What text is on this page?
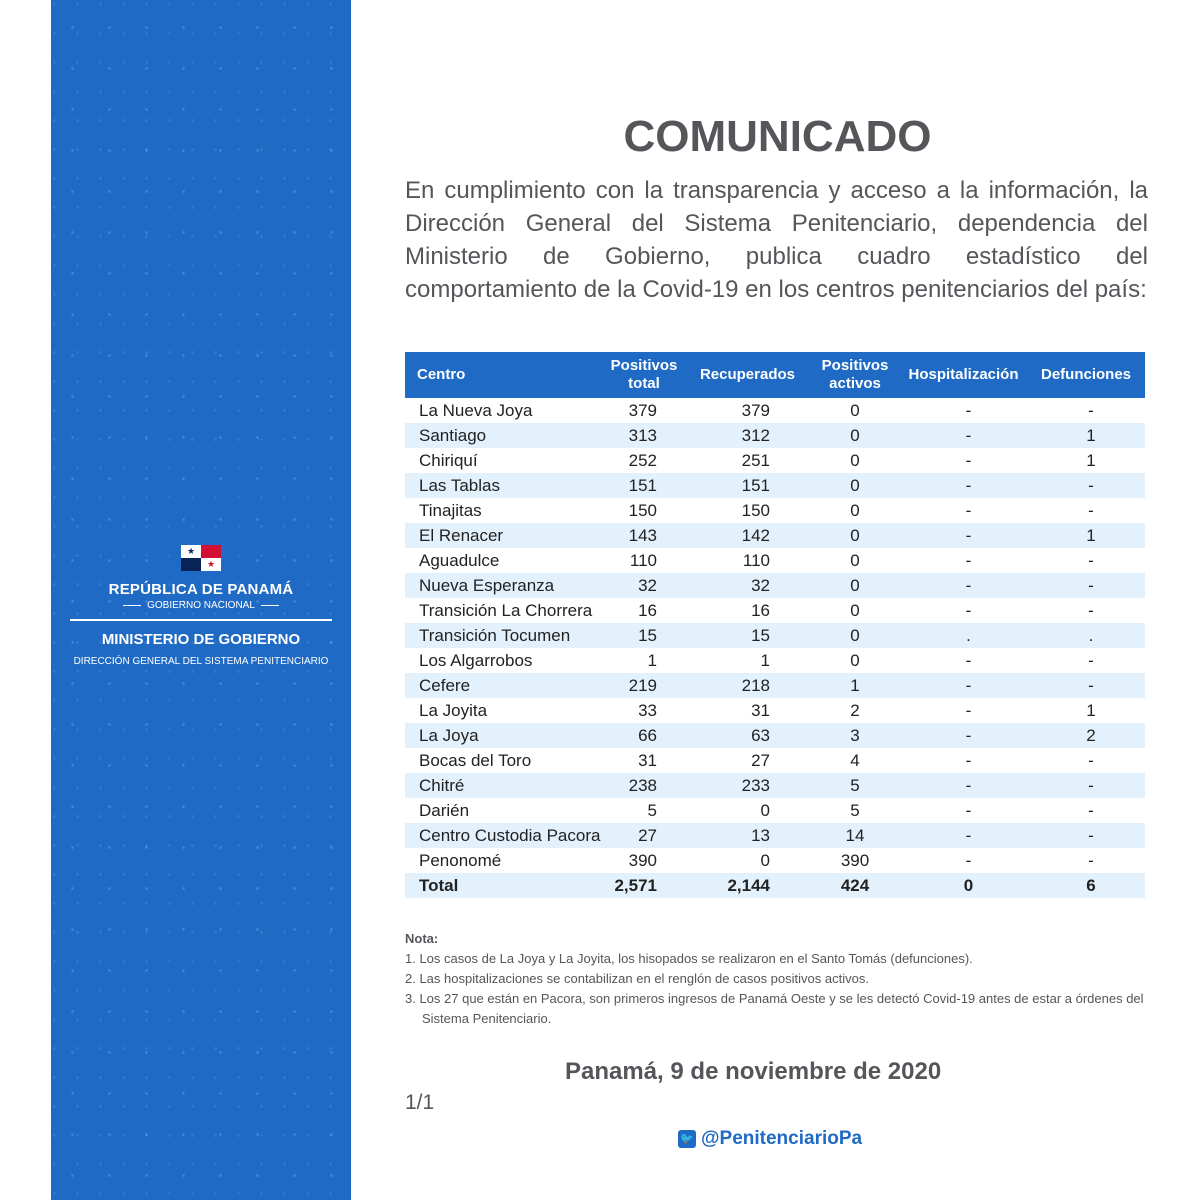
★
★
REPÚBLICA DE PANAMÁ
GOBIERNO NACIONAL
MINISTERIO DE GOBIERNO
DIRECCIÓN GENERAL DEL SISTEMA PENITENCIARIO
COMUNICADO
En cumplimiento con la transparencia y acceso a la información, la Dirección General del Sistema Penitenciario, dependencia del Ministerio de Gobierno, publica cuadro estadístico del comportamiento de la Covid-19 en los centros penitenciarios del país:
Centro	Positivos total	Recuperados	Positivos activos	Hospitalización	Defunciones
La Nueva Joya	379	379	0	-	-
Santiago	313	312	0	-	1
Chiriquí	252	251	0	-	1
Las Tablas	151	151	0	-	-
Tinajitas	150	150	0	-	-
El Renacer	143	142	0	-	1
Aguadulce	110	110	0	-	-
Nueva Esperanza	32	32	0	-	-
Transición La Chorrera	16	16	0	-	-
Transición Tocumen	15	15	0	.	.
Los Algarrobos	1	1	0	-	-
Cefere	219	218	1	-	-
La Joyita	33	31	2	-	1
La Joya	66	63	3	-	2
Bocas del Toro	31	27	4	-	-
Chitré	238	233	5	-	-
Darién	5	0	5	-	-
Centro Custodia Pacora	27	13	14	-	-
Penonomé	390	0	390	-	-
Total	2,571	2,144	424	0	6
Nota:
1. Los casos de La Joya y La Joyita, los hisopados se realizaron en el Santo Tomás (defunciones).
2. Las hospitalizaciones se contabilizan en el renglón de casos positivos activos.
3. Los 27 que están en Pacora, son primeros ingresos de Panamá Oeste y se les detectó Covid-19 antes de estar a órdenes del Sistema Penitenciario.
Panamá, 9 de noviembre de 2020
1/1
🐦 @PenitenciarioPa
